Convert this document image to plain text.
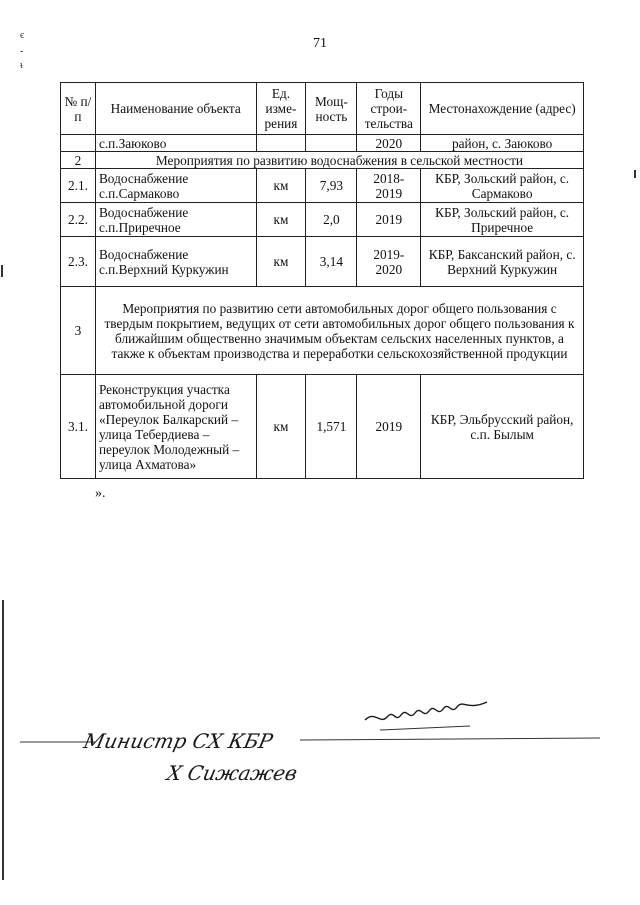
71
є
-
ᵼ
№ п/п	Наименование объекта	Ед. изме-рения	Мощ-ность	Годы строи-тельства	Местонахождение (адрес)
	с.п.Заюково			2020	район, с. Заюково
2	Мероприятия по развитию водоснабжения в сельской местности				
2.1.	Водоснабжение с.п.Сармаково	км	7,93	2018-2019	КБР, Зольский район, с. Сармаково
2.2.	Водоснабжение с.п.Приречное	км	2,0	2019	КБР, Зольский район, с. Приречное
2.3.	Водоснабжение с.п.Верхний Куркужин	км	3,14	2019-2020	КБР, Баксанский район, с. Верхний Куркужин
3	Мероприятия по развитию сети автомобильных дорог общего пользования с твердым покрытием, ведущих от сети автомобильных дорог общего пользования к ближайшим общественно значимым объектам сельских населенных пунктов, а также к объектам производства и переработки сельскохозяйственной продукции				
3.1.	Реконструкция участка автомобильной дороги «Переулок Балкарский – улица Тебердиева – переулок Молодежный – улица Ахматова»	км	1,571	2019	КБР, Эльбрусский район, с.п. Былым
».
Министр СХ КБР
Х Сижажев
